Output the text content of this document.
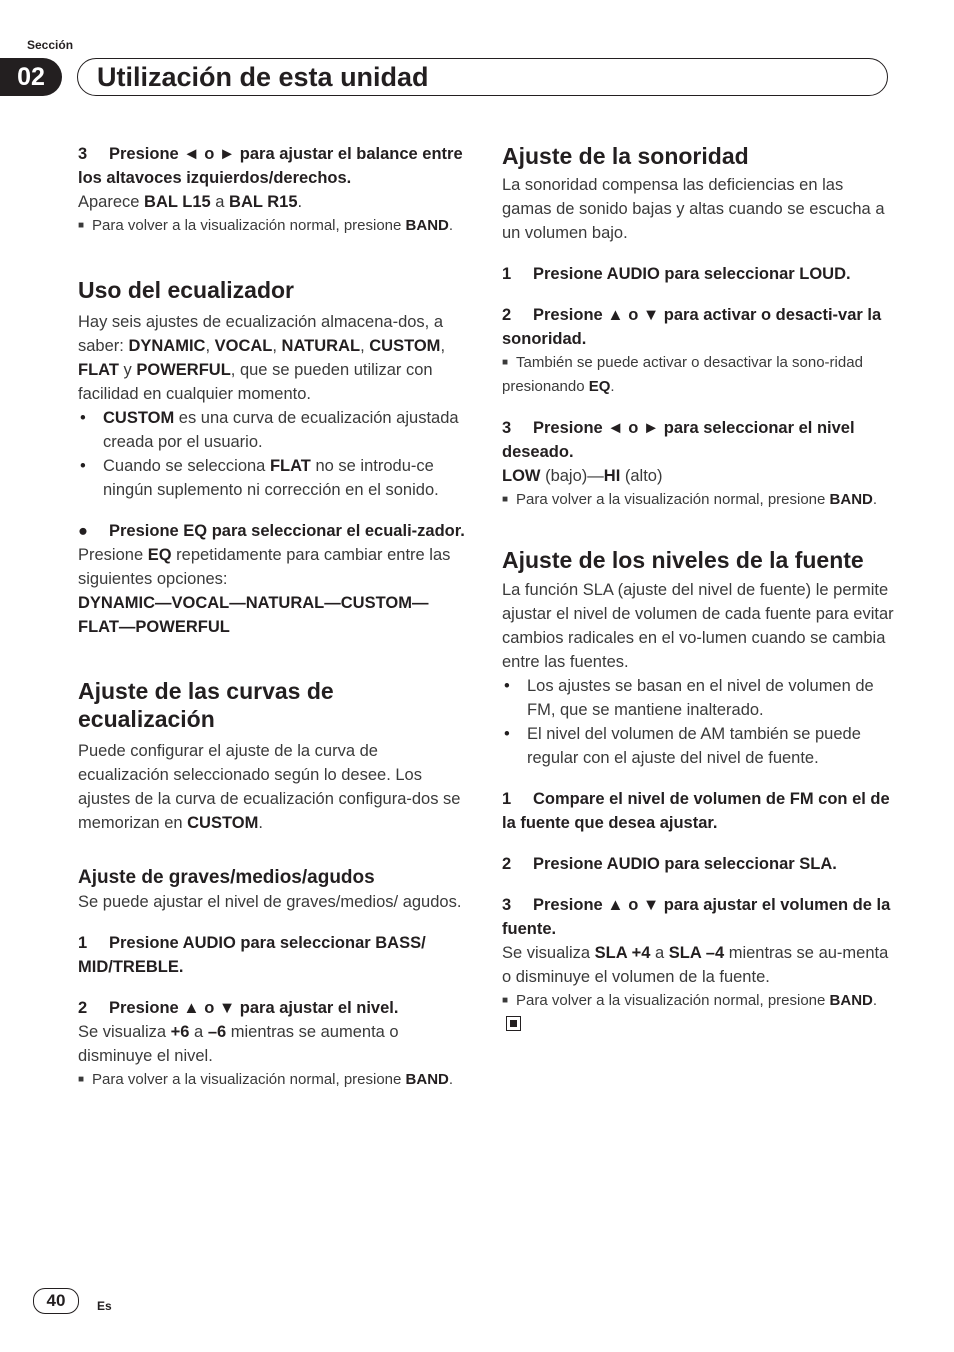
Sección
02	Utilización de esta unidad

3 Presione ◄ o ► para ajustar el balance entre los altavoces izquierdos/derechos.

Aparece BAL L15 a BAL R15.

■ Para volver a la visualización normal, presione BAND.

Uso del ecualizador

Hay seis ajustes de ecualización almacena-dos, a saber: DYNAMIC, VOCAL, NATURAL, CUSTOM, FLAT y POWERFUL, que se pueden utilizar con facilidad en cualquier momento.

• CUSTOM es una curva de ecualización ajustada creada por el usuario.
• Cuando se selecciona FLAT no se introdu-ce ningún suplemento ni corrección en el sonido.

● Presione EQ para seleccionar el ecuali-zador.

Presione EQ repetidamente para cambiar entre las siguientes opciones:

DYNAMIC—VOCAL—NATURAL—CUSTOM—FLAT—POWERFUL

Ajuste de las curvas de ecualización

Puede configurar el ajuste de la curva de ecualización seleccionado según lo desee. Los ajustes de la curva de ecualización configura-dos se memorizan en CUSTOM.

Ajuste de graves/medios/agudos

Se puede ajustar el nivel de graves/medios/ agudos.

1 Presione AUDIO para seleccionar BASS/ MID/TREBLE.

2 Presione ▲ o ▼ para ajustar el nivel.

Se visualiza +6 a –6 mientras se aumenta o disminuye el nivel.

■ Para volver a la visualización normal, presione BAND.

Ajuste de la sonoridad

La sonoridad compensa las deficiencias en las gamas de sonido bajas y altas cuando se escucha a un volumen bajo.

1 Presione AUDIO para seleccionar LOUD.

2 Presione ▲ o ▼ para activar o desacti-var la sonoridad.

■ También se puede activar o desactivar la sono-ridad presionando EQ.

3 Presione ◄ o ► para seleccionar el nivel deseado.

LOW (bajo)—HI (alto)

■ Para volver a la visualización normal, presione BAND.

Ajuste de los niveles de la fuente

La función SLA (ajuste del nivel de fuente) le permite ajustar el nivel de volumen de cada fuente para evitar cambios radicales en el vo-lumen cuando se cambia entre las fuentes.

• Los ajustes se basan en el nivel de volumen de FM, que se mantiene inalterado.
• El nivel del volumen de AM también se puede regular con el ajuste del nivel de fuente.

1 Compare el nivel de volumen de FM con el de la fuente que desea ajustar.

2 Presione AUDIO para seleccionar SLA.

3 Presione ▲ o ▼ para ajustar el volumen de la fuente.

Se visualiza SLA +4 a SLA –4 mientras se au-menta o disminuye el volumen de la fuente.

■ Para volver a la visualización normal, presione BAND.

40	Es
